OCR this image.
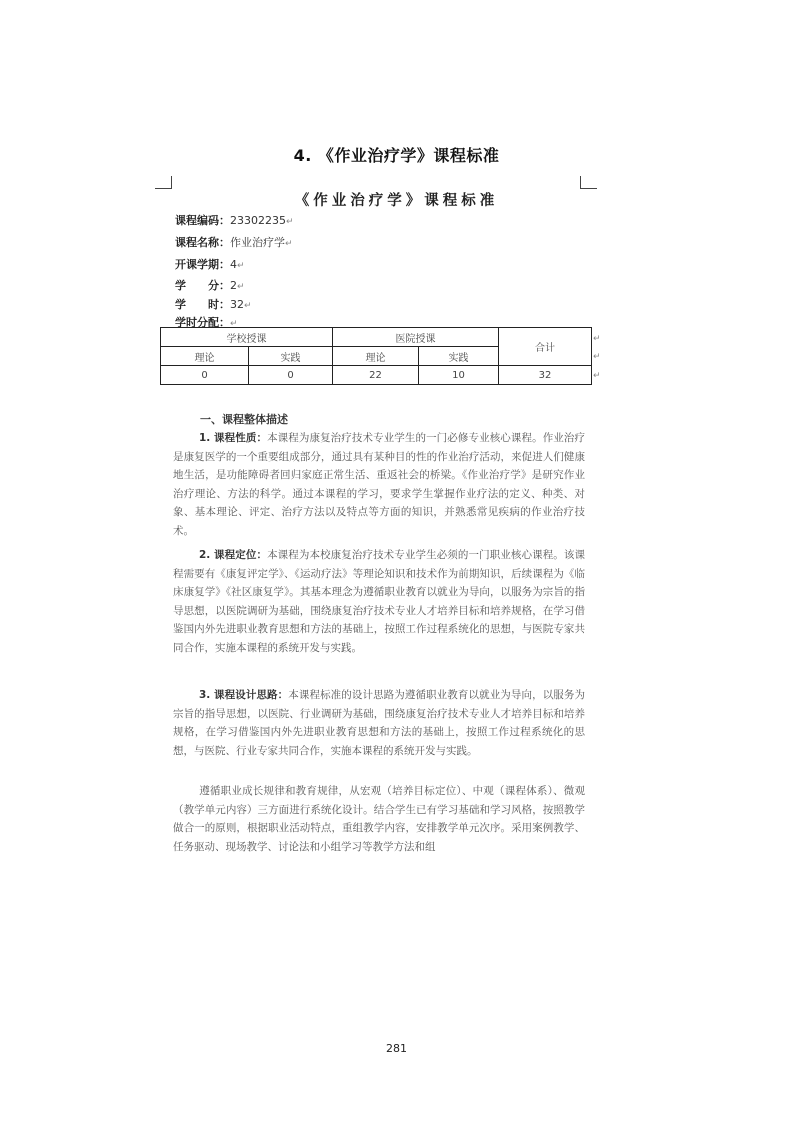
4. 《作业治疗学》课程标准
《作业治疗学》课程标准
课程编码：23302235↵
课程名称：作业治疗学↵
开课学期：4↵
学　　分：2↵
学　　时：32↵
学时分配：↵
学校授课		医院授课		合计
理论	实践	理论	实践	
0	0	22	10	32
↵
↵
↵
一、课程整体描述
1. 课程性质：本课程为康复治疗技术专业学生的一门必修专业核心课程。作业治疗是康复医学的一个重要组成部分，通过具有某种目的性的作业治疗活动，来促进人们健康地生活，是功能障碍者回归家庭正常生活、重返社会的桥梁。《作业治疗学》是研究作业治疗理论、方法的科学。通过本课程的学习，要求学生掌握作业疗法的定义、种类、对象、基本理论、评定、治疗方法以及特点等方面的知识，并熟悉常见疾病的作业治疗技术。
2. 课程定位：本课程为本校康复治疗技术专业学生必须的一门职业核心课程。该课程需要有《康复评定学》、《运动疗法》等理论知识和技术作为前期知识，后续课程为《临床康复学》《社区康复学》。其基本理念为遵循职业教育以就业为导向，以服务为宗旨的指导思想，以医院调研为基础，围绕康复治疗技术专业人才培养目标和培养规格，在学习借鉴国内外先进职业教育思想和方法的基础上，按照工作过程系统化的思想，与医院专家共同合作，实施本课程的系统开发与实践。
3. 课程设计思路：本课程标准的设计思路为遵循职业教育以就业为导向，以服务为宗旨的指导思想，以医院、行业调研为基础，围绕康复治疗技术专业人才培养目标和培养规格，在学习借鉴国内外先进职业教育思想和方法的基础上，按照工作过程系统化的思想，与医院、行业专家共同合作，实施本课程的系统开发与实践。
遵循职业成长规律和教育规律，从宏观（培养目标定位）、中观（课程体系）、微观（教学单元内容）三方面进行系统化设计。结合学生已有学习基础和学习风格，按照教学做合一的原则，根据职业活动特点，重组教学内容，安排教学单元次序。采用案例教学、任务驱动、现场教学、讨论法和小组学习等教学方法和组
281
